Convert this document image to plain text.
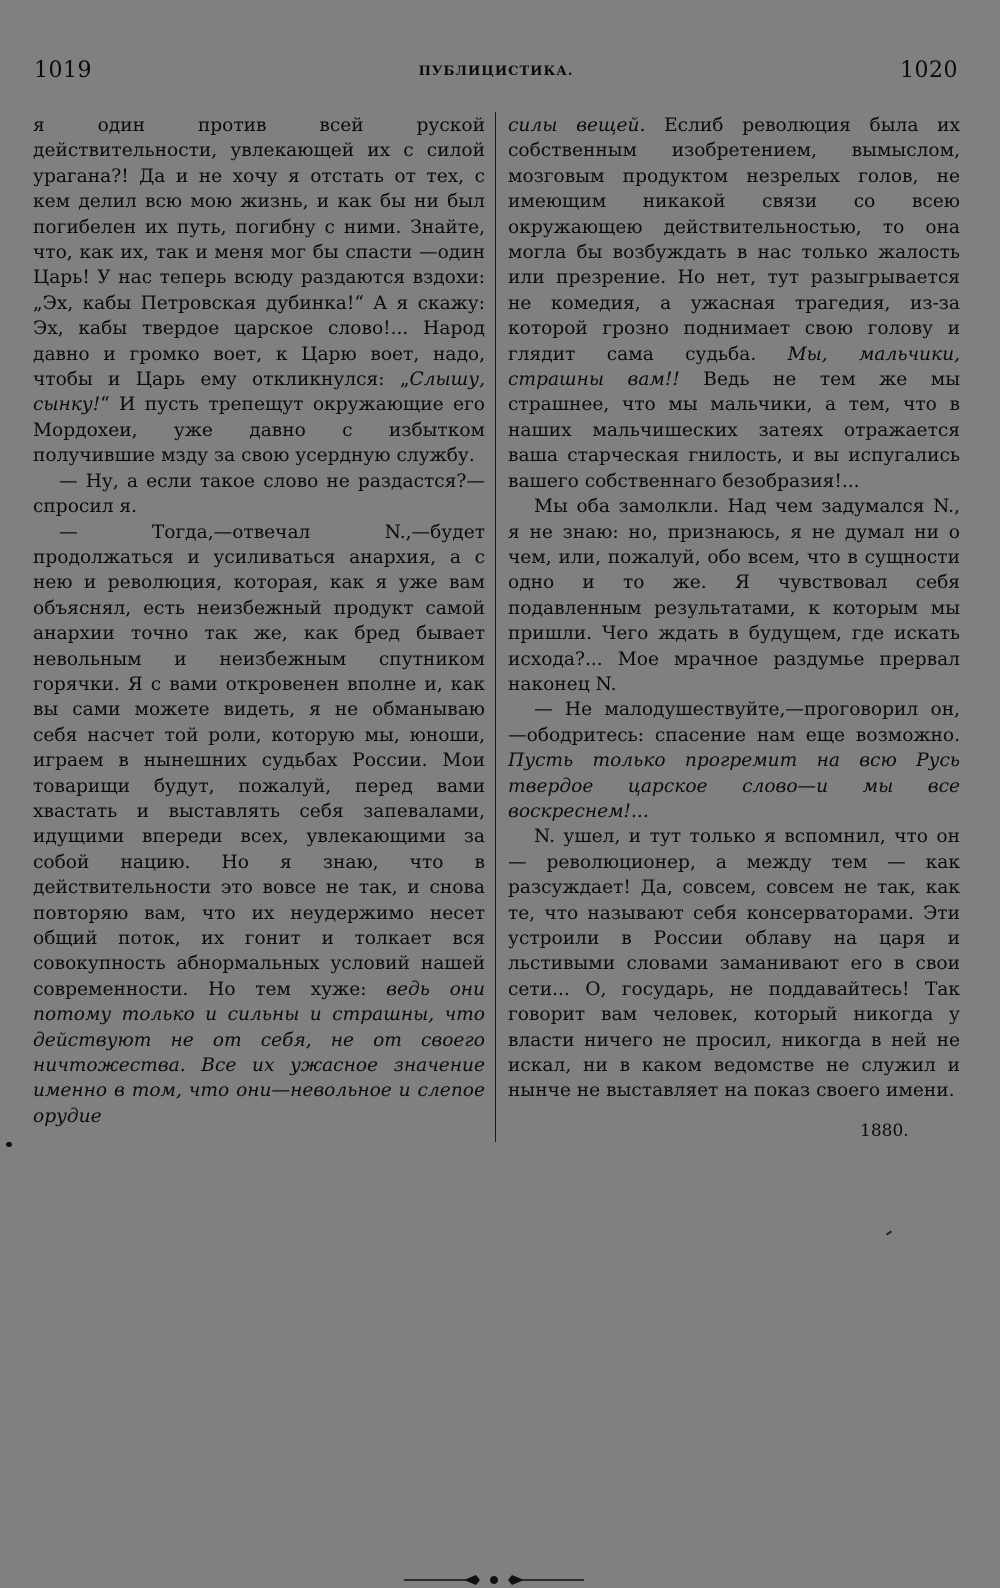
1019	ПУБЛИЦИСТИКА.	1020

я один против всей руской действительности, увлекающей их с силой урагана?! Да и не хочу я отстать от тех, с кем делил всю мою жизнь, и как бы ни был погибелен их путь, погибну с ними. Знайте, что, как их, так и меня мог бы спасти —один Царь! У нас теперь всюду раздаются вздохи: „Эх, кабы Петровская дубинка!“ А я скажу: Эх, кабы твердое царское слово!... Народ давно и громко воет, к Царю воет, надо, чтобы и Царь ему откликнулся: „Слышу, сынку!“ И пусть трепещут окружающие его Мордохеи, уже давно с избытком получившие мзду за свою усердную службу.

— Ну, а если такое слово не раздастся?— спросил я.

— Тогда,—отвечал N.,—будет продолжаться и усиливаться анархия, а с нею и революция, которая, как я уже вам объяснял, есть неизбежный продукт самой анархии точно так же, как бред бывает невольным и неизбежным спутником горячки. Я с вами откровенен вполне и, как вы сами можете видеть, я не обманываю себя насчет той роли, которую мы, юноши, играем в нынешних судьбах России. Мои товарищи будут, пожалуй, перед вами хвастать и выставлять себя запевалами, идущими впереди всех, увлекающими за собой нацию. Но я знаю, что в действительности это вовсе не так, и снова повторяю вам, что их неудержимо несет общий поток, их гонит и толкает вся совокупность абнормальных условий нашей современности. Но тем хуже: ведь они потому только и сильны и страшны, что действуют не от себя, не от своего ничтожества. Все их ужасное значение именно в том, что они—невольное и слепое орудие

силы вещей. Еслиб революция была их собственным изобретением, вымыслом, мозговым продуктом незрелых голов, не имеющим никакой связи со всею окружающею действительностью, то она могла бы возбуждать в нас только жалость или презрение. Но нет, тут разыгрывается не комедия, а ужасная трагедия, из-за которой грозно поднимает свою голову и глядит сама судьба. Мы, мальчики, страшны вам!! Ведь не тем же мы страшнее, что мы мальчики, а тем, что в наших мальчишеских затеях отражается ваша старческая гнилость, и вы испугались вашего собственнаго безобразия!...

Мы оба замолкли. Над чем задумался N., я не знаю: но, признаюсь, я не думал ни о чем, или, пожалуй, обо всем, что в сущности одно и то же. Я чувствовал себя подавленным результатами, к которым мы пришли. Чего ждать в будущем, где искать исхода?... Мое мрачное раздумье прервал наконец N.

— Не малодушествуйте,—проговорил он, —ободритесь: спасение нам еще возможно. Пусть только прогремит на всю Русь твердое царское слово—и мы все воскреснем!...

N. ушел, и тут только я вспомнил, что он — революционер, а между тем — как разсуждает! Да, совсем, совсем не так, как те, что называют себя консерваторами. Эти устроили в России облаву на царя и льстивыми словами заманивают его в свои сети... О, государь, не поддавайтесь! Так говорит вам человек, который никогда у власти ничего не просил, никогда в ней не искал, ни в каком ведомстве не служил и нынче не выставляет на показ своего имени.

1880.
